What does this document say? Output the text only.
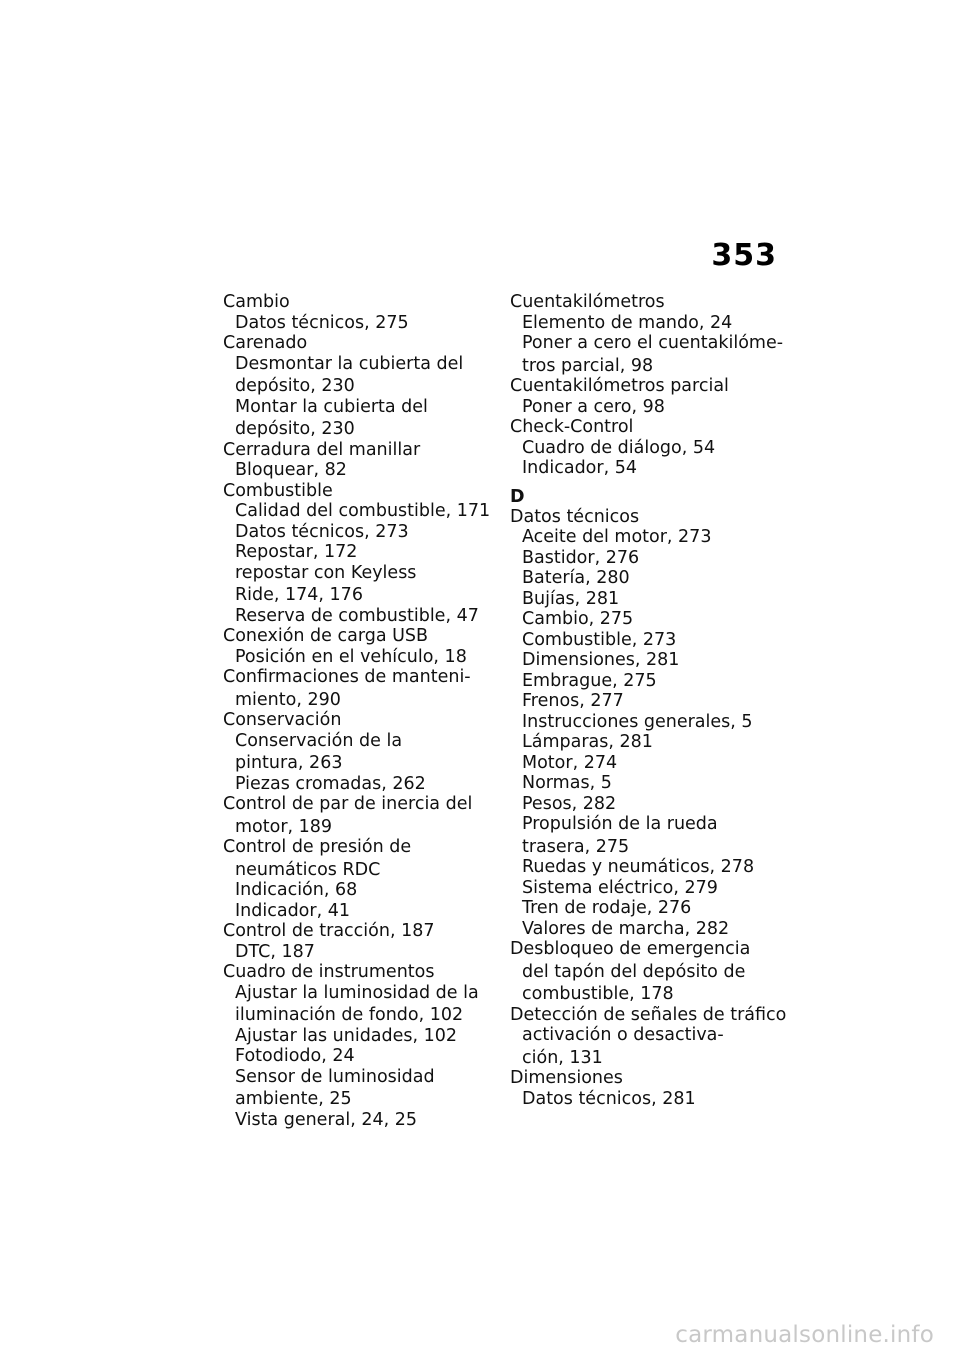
353
Cambio
Datos técnicos, 275
Carenado
Desmontar la cubierta del
depósito, 230
Montar la cubierta del
depósito, 230
Cerradura del manillar
Bloquear, 82
Combustible
Calidad del combustible, 171
Datos técnicos, 273
Repostar, 172
repostar con Keyless
Ride, 174, 176
Reserva de combustible, 47
Conexión de carga USB
Posición en el vehículo, 18
Confirmaciones de manteni-
miento, 290
Conservación
Conservación de la
pintura, 263
Piezas cromadas, 262
Control de par de inercia del
motor, 189
Control de presión de
neumáticos RDC
Indicación, 68
Indicador, 41
Control de tracción, 187
DTC, 187
Cuadro de instrumentos
Ajustar la luminosidad de la
iluminación de fondo, 102
Ajustar las unidades, 102
Fotodiodo, 24
Sensor de luminosidad
ambiente, 25
Vista general, 24, 25
Cuentakilómetros
Elemento de mando, 24
Poner a cero el cuentakilóme-
tros parcial, 98
Cuentakilómetros parcial
Poner a cero, 98
Check-Control
Cuadro de diálogo, 54
Indicador, 54
D
Datos técnicos
Aceite del motor, 273
Bastidor, 276
Batería, 280
Bujías, 281
Cambio, 275
Combustible, 273
Dimensiones, 281
Embrague, 275
Frenos, 277
Instrucciones generales, 5
Lámparas, 281
Motor, 274
Normas, 5
Pesos, 282
Propulsión de la rueda
trasera, 275
Ruedas y neumáticos, 278
Sistema eléctrico, 279
Tren de rodaje, 276
Valores de marcha, 282
Desbloqueo de emergencia
del tapón del depósito de
combustible, 178
Detección de señales de tráfico
activación o desactiva-
ción, 131
Dimensiones
Datos técnicos, 281
carmanualsonline.info
